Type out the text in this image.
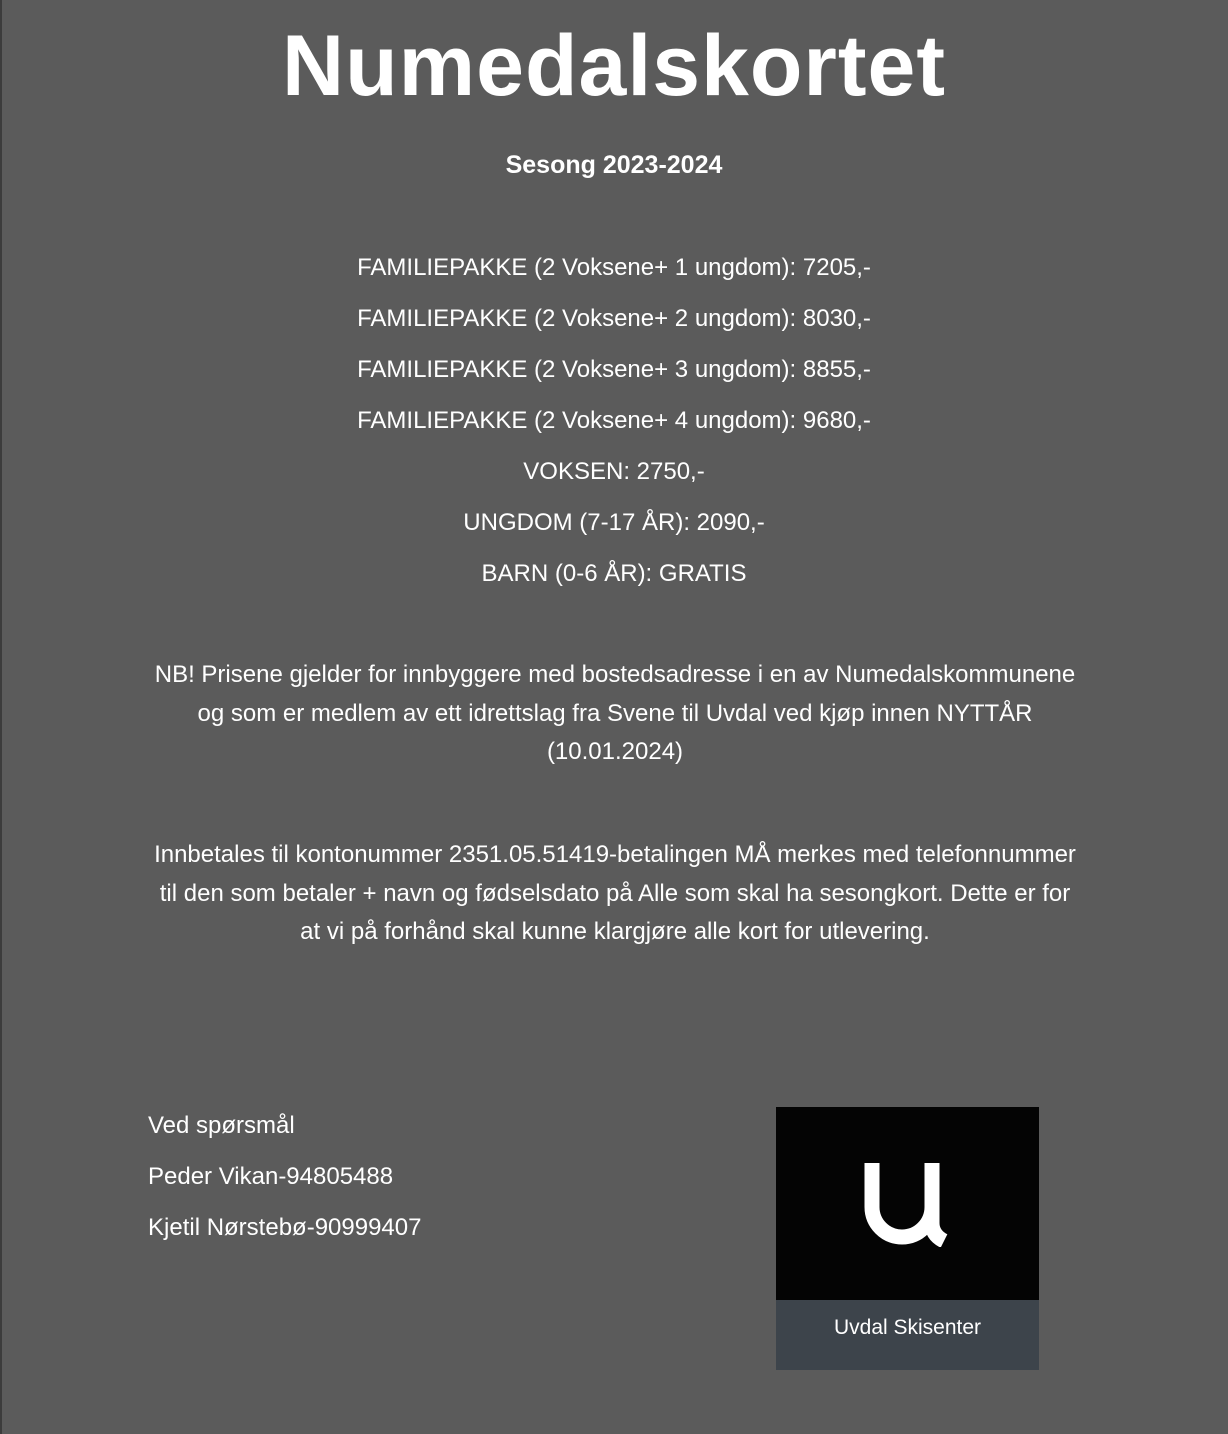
Numedalskortet
Sesong 2023-2024
FAMILIEPAKKE (2 Voksene+ 1 ungdom): 7205,-
FAMILIEPAKKE (2 Voksene+ 2 ungdom): 8030,-
FAMILIEPAKKE (2 Voksene+ 3 ungdom): 8855,-
FAMILIEPAKKE (2 Voksene+ 4 ungdom): 9680,-
VOKSEN: 2750,-
UNGDOM (7-17 ÅR): 2090,-
BARN (0-6 ÅR): GRATIS

NB! Prisene gjelder for innbyggere med bostedsadresse i en av Numedalskommunene og som er medlem av ett idrettslag fra Svene til Uvdal ved kjøp innen NYTTÅR (10.01.2024)

Innbetales til kontonummer 2351.05.51419-betalingen MÅ merkes med telefonnummer til den som betaler + navn og fødselsdato på Alle som skal ha sesongkort. Dette er for at vi på forhånd skal kunne klargjøre alle kort for utlevering.

Ved spørsmål
Peder Vikan-94805488
Kjetil Nørstebø-90999407
Uvdal Skisenter
